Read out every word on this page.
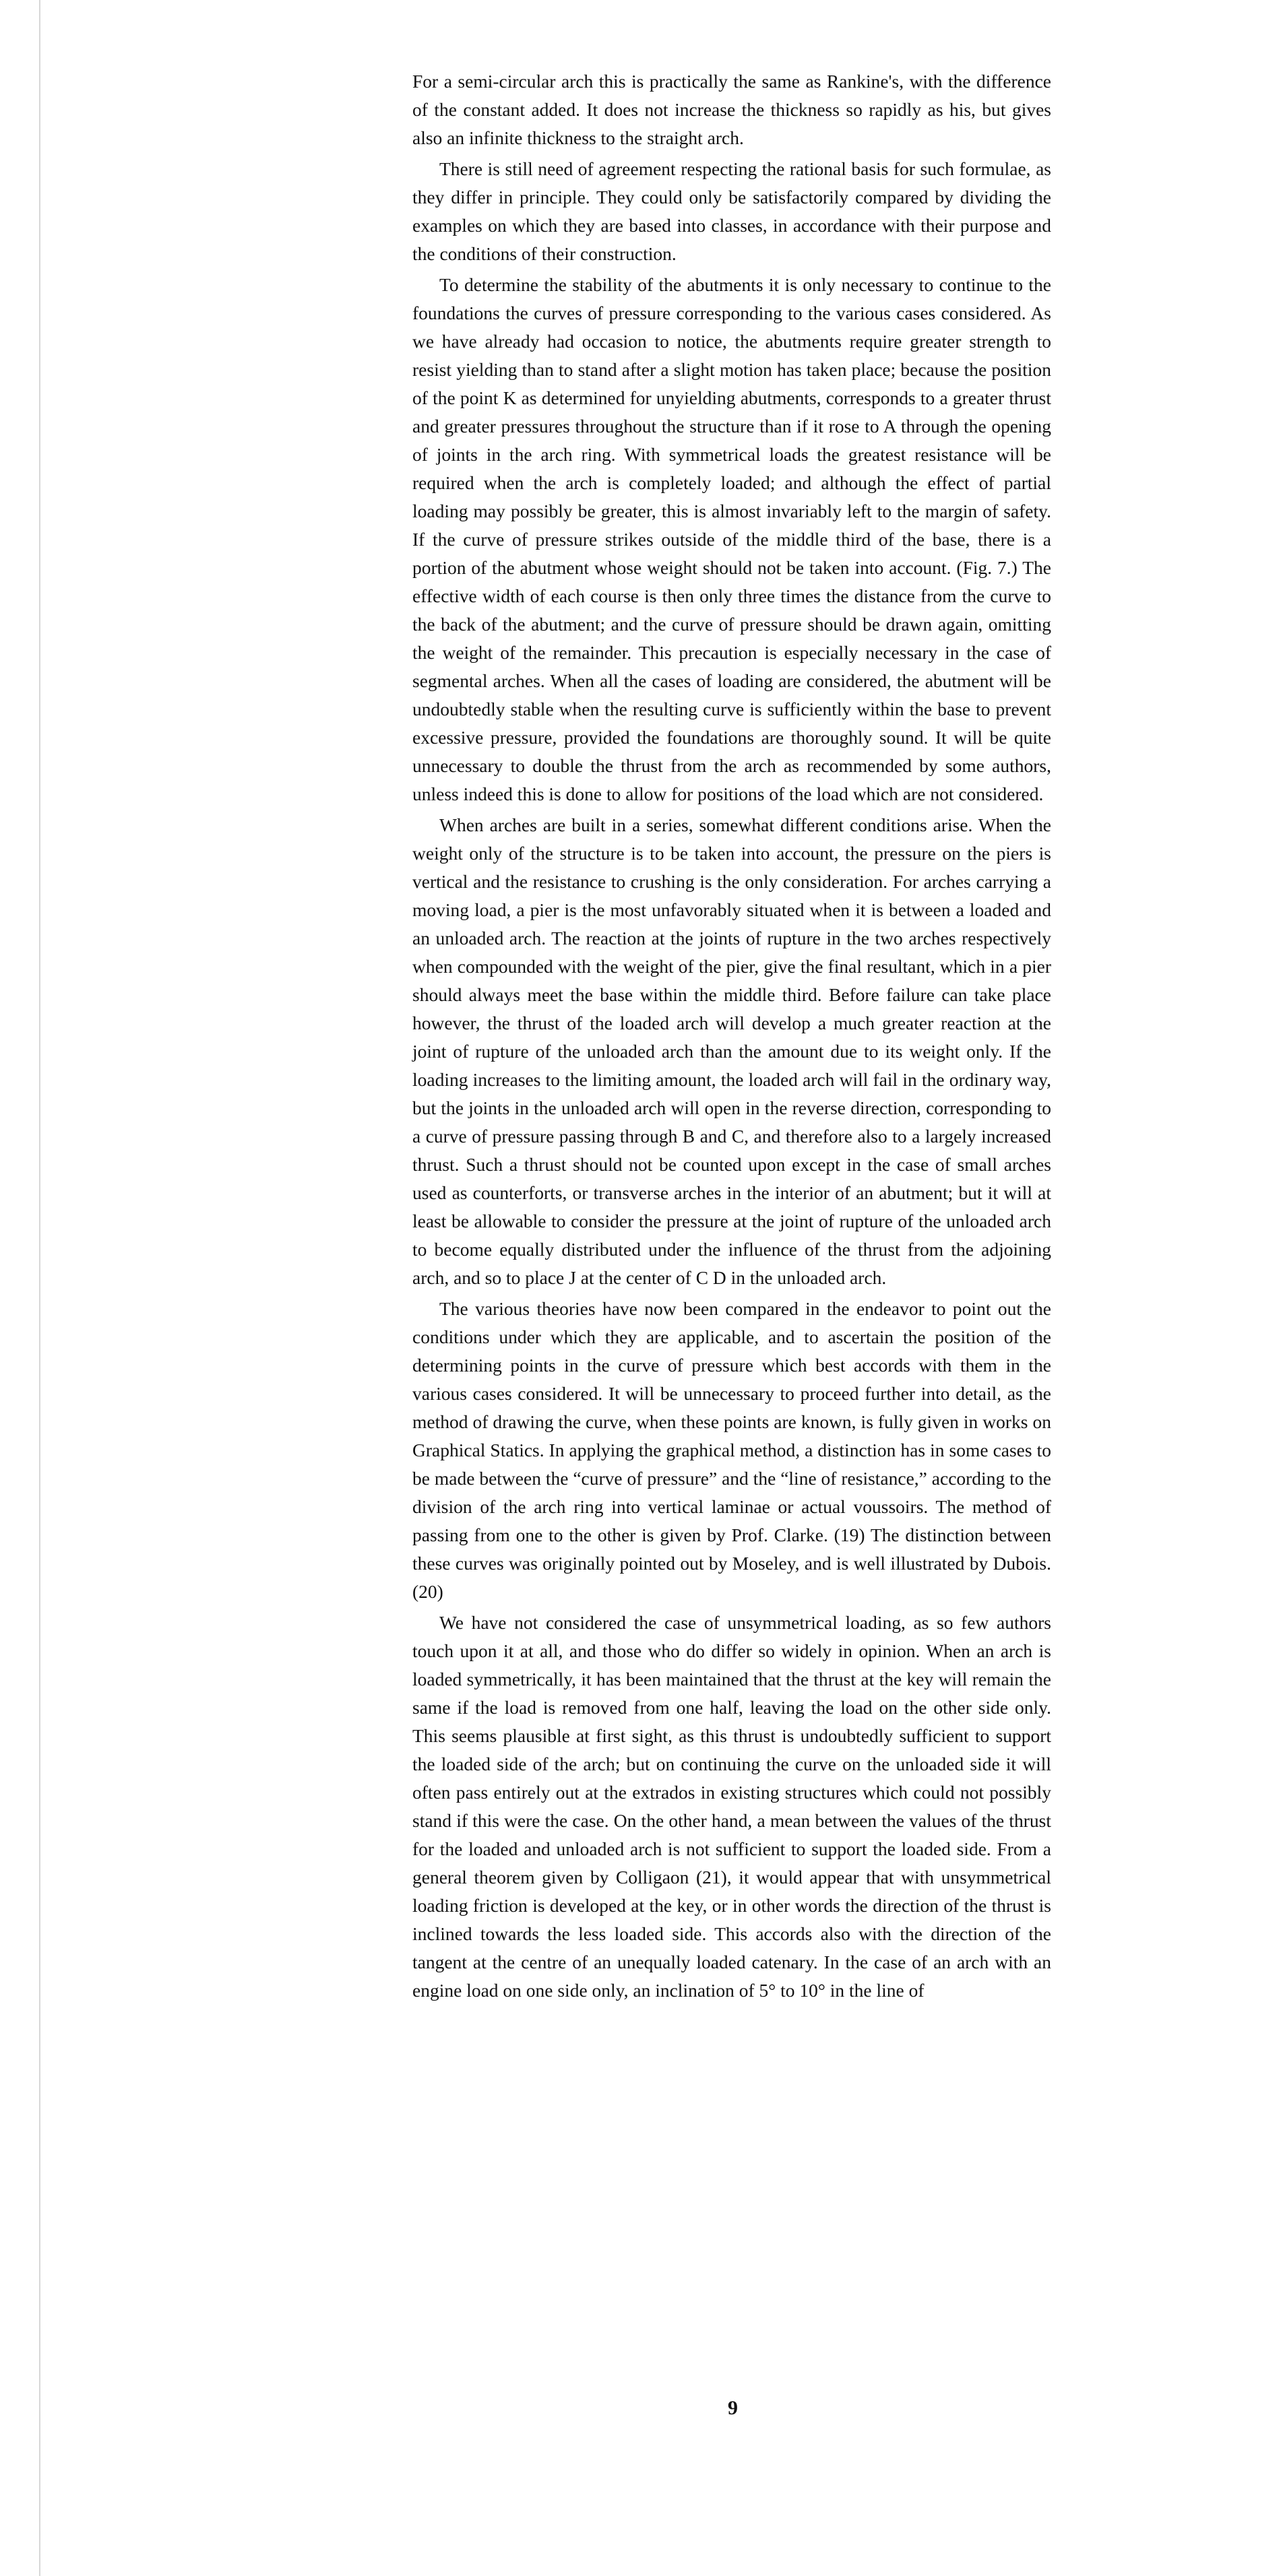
For a semi-circular arch this is practically the same as Rankine's, with the difference of the constant added. It does not increase the thickness so rapidly as his, but gives also an infinite thickness to the straight arch.

There is still need of agreement respecting the rational basis for such formulae, as they differ in principle. They could only be satisfactorily compared by dividing the examples on which they are based into classes, in accordance with their purpose and the conditions of their construction.

To determine the stability of the abutments it is only necessary to continue to the foundations the curves of pressure corresponding to the various cases considered. As we have already had occasion to notice, the abutments require greater strength to resist yielding than to stand after a slight motion has taken place; because the position of the point K as determined for unyielding abutments, corresponds to a greater thrust and greater pressures throughout the structure than if it rose to A through the opening of joints in the arch ring. With symmetrical loads the greatest resistance will be required when the arch is completely loaded; and although the effect of partial loading may possibly be greater, this is almost invariably left to the margin of safety. If the curve of pressure strikes outside of the middle third of the base, there is a portion of the abutment whose weight should not be taken into account. (Fig. 7.) The effective width of each course is then only three times the distance from the curve to the back of the abutment; and the curve of pressure should be drawn again, omitting the weight of the remainder. This precaution is especially necessary in the case of segmental arches. When all the cases of loading are considered, the abutment will be undoubtedly stable when the resulting curve is sufficiently within the base to prevent excessive pressure, provided the foundations are thoroughly sound. It will be quite unnecessary to double the thrust from the arch as recommended by some authors, unless indeed this is done to allow for positions of the load which are not considered.

When arches are built in a series, somewhat different conditions arise. When the weight only of the structure is to be taken into account, the pressure on the piers is vertical and the resistance to crushing is the only consideration. For arches carrying a moving load, a pier is the most unfavorably situated when it is between a loaded and an unloaded arch. The reaction at the joints of rupture in the two arches respectively when compounded with the weight of the pier, give the final resultant, which in a pier should always meet the base within the middle third. Before failure can take place however, the thrust of the loaded arch will develop a much greater reaction at the joint of rupture of the unloaded arch than the amount due to its weight only. If the loading increases to the limiting amount, the loaded arch will fail in the ordinary way, but the joints in the unloaded arch will open in the reverse direction, corresponding to a curve of pressure passing through B and C, and therefore also to a largely increased thrust. Such a thrust should not be counted upon except in the case of small arches used as counterforts, or transverse arches in the interior of an abutment; but it will at least be allowable to consider the pressure at the joint of rupture of the unloaded arch to become equally distributed under the influence of the thrust from the adjoining arch, and so to place J at the center of C D in the unloaded arch.

The various theories have now been compared in the endeavor to point out the conditions under which they are applicable, and to ascertain the position of the determining points in the curve of pressure which best accords with them in the various cases considered. It will be unnecessary to proceed further into detail, as the method of drawing the curve, when these points are known, is fully given in works on Graphical Statics. In applying the graphical method, a distinction has in some cases to be made between the “curve of pressure” and the “line of resistance,” according to the division of the arch ring into vertical laminae or actual voussoirs. The method of passing from one to the other is given by Prof. Clarke. (19) The distinction between these curves was originally pointed out by Moseley, and is well illustrated by Dubois. (20)

We have not considered the case of unsymmetrical loading, as so few authors touch upon it at all, and those who do differ so widely in opinion. When an arch is loaded symmetrically, it has been maintained that the thrust at the key will remain the same if the load is removed from one half, leaving the load on the other side only. This seems plausible at first sight, as this thrust is undoubtedly sufficient to support the loaded side of the arch; but on continuing the curve on the unloaded side it will often pass entirely out at the extrados in existing structures which could not possibly stand if this were the case. On the other hand, a mean between the values of the thrust for the loaded and unloaded arch is not sufficient to support the loaded side. From a general theorem given by Colligaon (21), it would appear that with unsymmetrical loading friction is developed at the key, or in other words the direction of the thrust is inclined towards the less loaded side. This accords also with the direction of the tangent at the centre of an unequally loaded catenary. In the case of an arch with an engine load on one side only, an inclination of 5° to 10° in the line of

9
